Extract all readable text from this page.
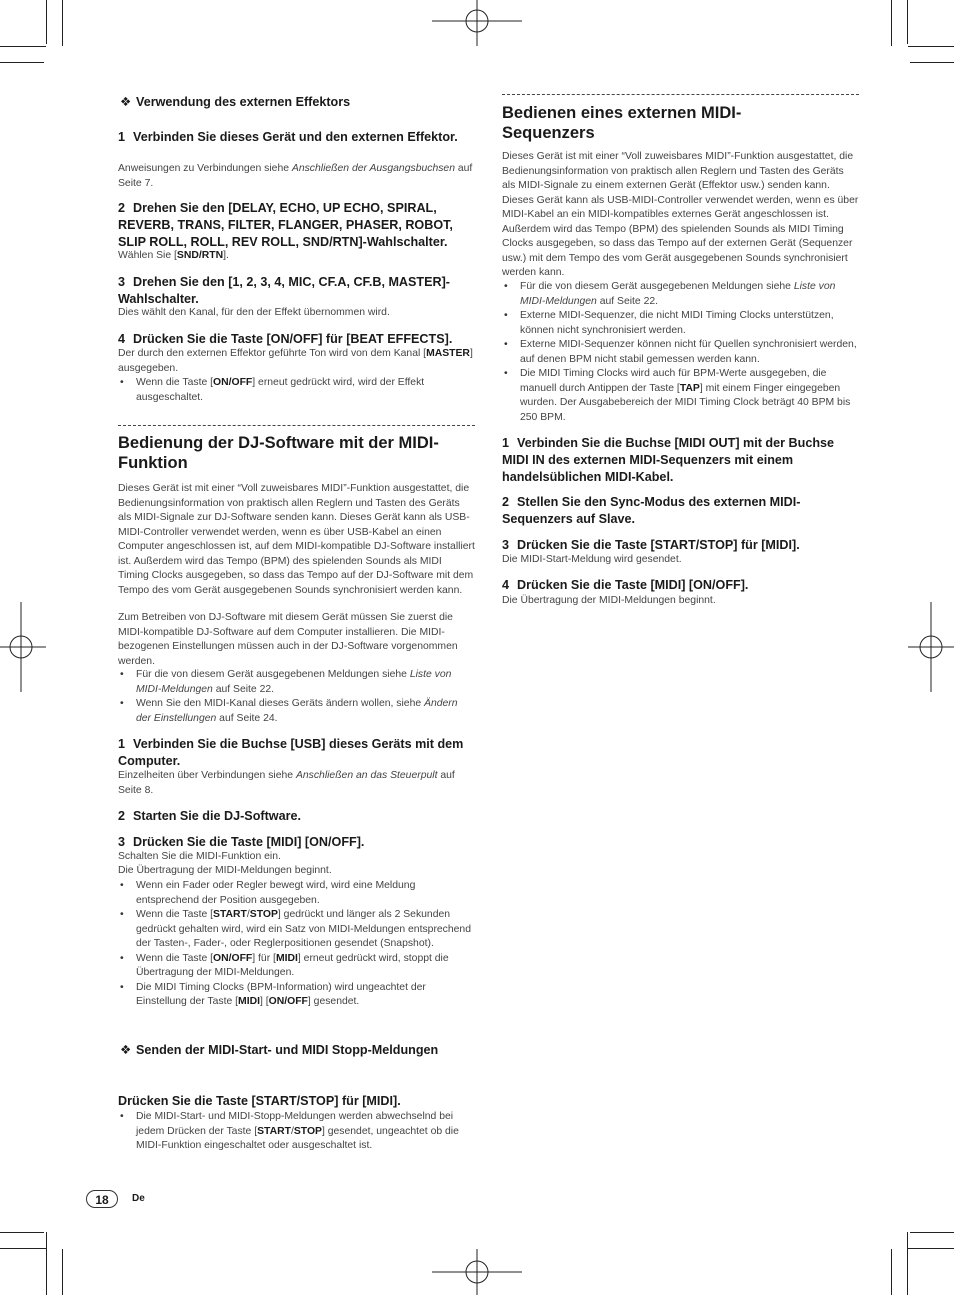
❖ Verwendung des externen Effektors
1 Verbinden Sie dieses Gerät und den externen Effektor.
Anweisungen zu Verbindungen siehe Anschließen der Ausgangsbuchsen auf Seite 7.
2 Drehen Sie den [DELAY, ECHO, UP ECHO, SPIRAL, REVERB, TRANS, FILTER, FLANGER, PHASER, ROBOT, SLIP ROLL, ROLL, REV ROLL, SND/RTN]-Wahlschalter.
Wählen Sie [SND/RTN].
3 Drehen Sie den [1, 2, 3, 4, MIC, CF.A, CF.B, MASTER]-Wahlschalter.
Dies wählt den Kanal, für den der Effekt übernommen wird.
4 Drücken Sie die Taste [ON/OFF] für [BEAT EFFECTS].
Der durch den externen Effektor geführte Ton wird von dem Kanal [MASTER] ausgegeben.
• Wenn die Taste [ON/OFF] erneut gedrückt wird, wird der Effekt ausgeschaltet.
Bedienung der DJ-Software mit der MIDI-Funktion
Dieses Gerät ist mit einer “Voll zuweisbares MIDI”-Funktion ausgestattet, die Bedienungsinformation von praktisch allen Reglern und Tasten des Geräts als MIDI-Signale zur DJ-Software senden kann. Dieses Gerät kann als USB-MIDI-Controller verwendet werden, wenn es über USB-Kabel an einen Computer angeschlossen ist, auf dem MIDI-kompatible DJ-Software installiert ist. Außerdem wird das Tempo (BPM) des spielenden Sounds als MIDI Timing Clocks ausgegeben, so dass das Tempo auf der DJ-Software mit dem Tempo des vom Gerät ausgegebenen Sounds synchronisiert werden kann.
Zum Betreiben von DJ-Software mit diesem Gerät müssen Sie zuerst die MIDI-kompatible DJ-Software auf dem Computer installieren. Die MIDI-bezogenen Einstellungen müssen auch in der DJ-Software vorgenommen werden.
• Für die von diesem Gerät ausgegebenen Meldungen siehe Liste von MIDI-Meldungen auf Seite 22.
• Wenn Sie den MIDI-Kanal dieses Geräts ändern wollen, siehe Ändern der Einstellungen auf Seite 24.
1 Verbinden Sie die Buchse [USB] dieses Geräts mit dem Computer.
Einzelheiten über Verbindungen siehe Anschließen an das Steuerpult auf Seite 8.
2 Starten Sie die DJ-Software.
3 Drücken Sie die Taste [MIDI] [ON/OFF].
Schalten Sie die MIDI-Funktion ein.
Die Übertragung der MIDI-Meldungen beginnt.
• Wenn ein Fader oder Regler bewegt wird, wird eine Meldung entsprechend der Position ausgegeben.
• Wenn die Taste [START/STOP] gedrückt und länger als 2 Sekunden gedrückt gehalten wird, wird ein Satz von MIDI-Meldungen entsprechend der Tasten-, Fader-, oder Reglerpositionen gesendet (Snapshot).
• Wenn die Taste [ON/OFF] für [MIDI] erneut gedrückt wird, stoppt die Übertragung der MIDI-Meldungen.
• Die MIDI Timing Clocks (BPM-Information) wird ungeachtet der Einstellung der Taste [MIDI] [ON/OFF] gesendet.
❖ Senden der MIDI-Start- und MIDI Stopp-Meldungen
Drücken Sie die Taste [START/STOP] für [MIDI].
• Die MIDI-Start- und MIDI-Stopp-Meldungen werden abwechselnd bei jedem Drücken der Taste [START/STOP] gesendet, ungeachtet ob die MIDI-Funktion eingeschaltet oder ausgeschaltet ist.
Bedienen eines externen MIDI-Sequenzers
Dieses Gerät ist mit einer “Voll zuweisbares MIDI”-Funktion ausgestattet, die Bedienungsinformation von praktisch allen Reglern und Tasten des Geräts als MIDI-Signale zu einem externen Gerät (Effektor usw.) senden kann. Dieses Gerät kann als USB-MIDI-Controller verwendet werden, wenn es über MIDI-Kabel an ein MIDI-kompatibles externes Gerät angeschlossen ist. Außerdem wird das Tempo (BPM) des spielenden Sounds als MIDI Timing Clocks ausgegeben, so dass das Tempo auf der externen Gerät (Sequenzer usw.) mit dem Tempo des vom Gerät ausgegebenen Sounds synchronisiert werden kann.
• Für die von diesem Gerät ausgegebenen Meldungen siehe Liste von MIDI-Meldungen auf Seite 22.
• Externe MIDI-Sequenzer, die nicht MIDI Timing Clocks unterstützen, können nicht synchronisiert werden.
• Externe MIDI-Sequenzer können nicht für Quellen synchronisiert werden, auf denen BPM nicht stabil gemessen werden kann.
• Die MIDI Timing Clocks wird auch für BPM-Werte ausgegeben, die manuell durch Antippen der Taste [TAP] mit einem Finger eingegeben wurden. Der Ausgabebereich der MIDI Timing Clock beträgt 40 BPM bis 250 BPM.
1 Verbinden Sie die Buchse [MIDI OUT] mit der Buchse MIDI IN des externen MIDI-Sequenzers mit einem handelsüblichen MIDI-Kabel.
2 Stellen Sie den Sync-Modus des externen MIDI-Sequenzers auf Slave.
3 Drücken Sie die Taste [START/STOP] für [MIDI].
Die MIDI-Start-Meldung wird gesendet.
4 Drücken Sie die Taste [MIDI] [ON/OFF].
Die Übertragung der MIDI-Meldungen beginnt.
18	De
